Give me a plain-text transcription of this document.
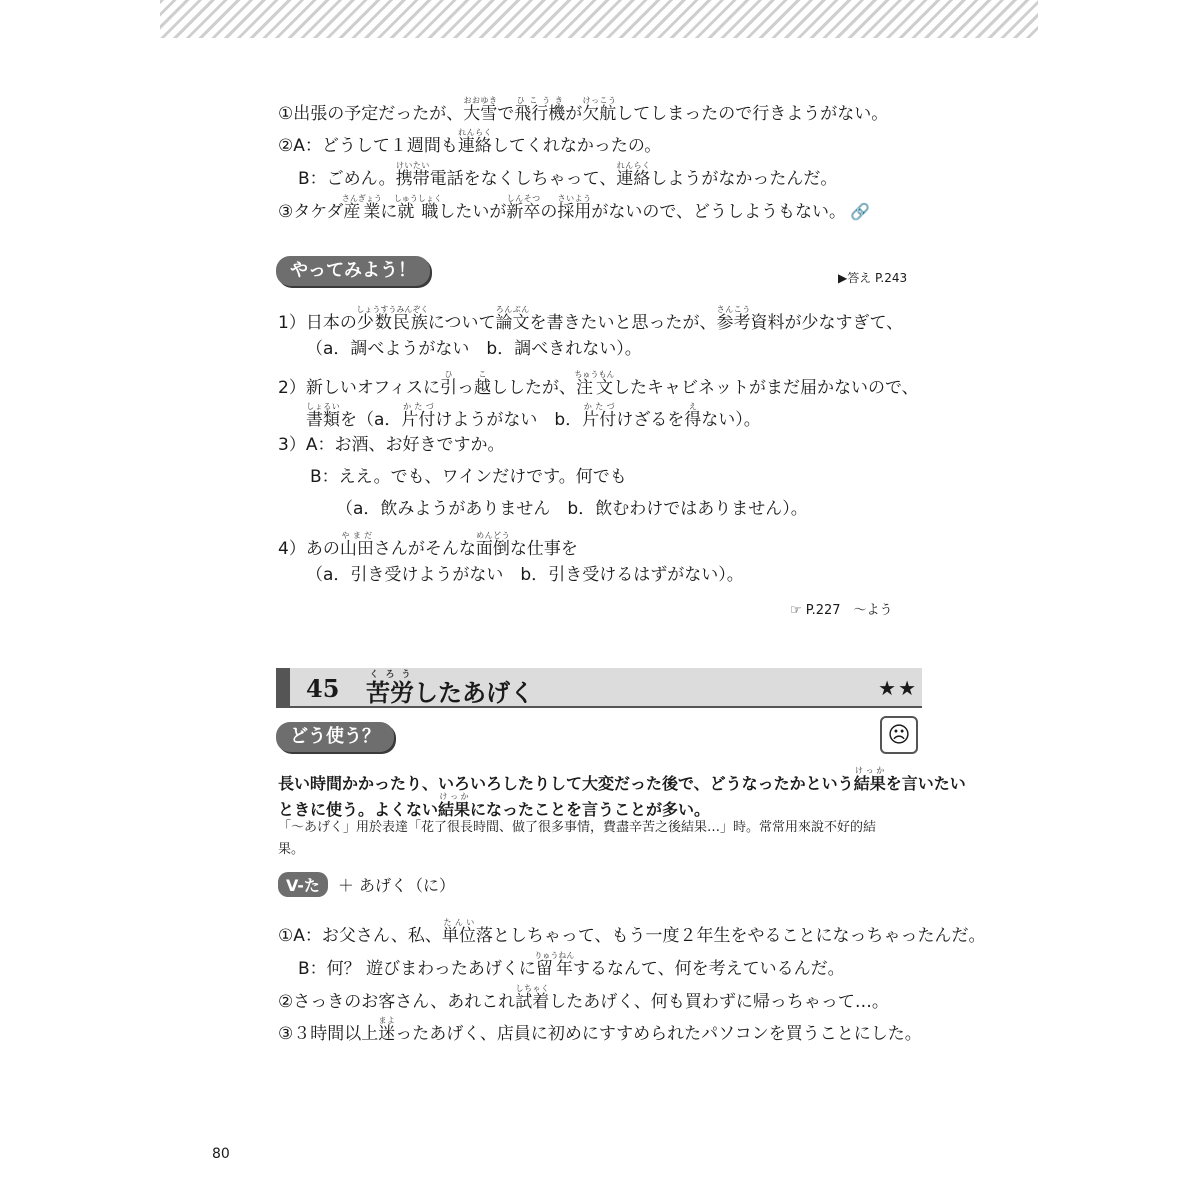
①出張の予定だったが、大雪おおゆきで飛行機ひこうきが欠航けっこうしてしまったので行きようがない。
②A：どうして１週間も連絡れんらくしてくれなかったの。
B：ごめん。携帯けいたい電話をなくしちゃって、連絡れんらくしようがなかったんだ。
③タケダ産業さんぎょうに就職しゅうしょくしたいが新卒しんそつの採用さいようがないので、どうしようもない。 🔗
やってみよう！	▶答え P.243
1）日本の少数民族しょうすうみんぞくについて論文ろんぶんを書きたいと思ったが、参考さんこう資料が少なすぎて、
（a．調べようがない　b．調べきれない）。
2）新しいオフィスに引ひっ越こししたが、注文ちゅうもんしたキャビネットがまだ届かないので、
書類しょるいを（a．片付かたづけようがない　b．片付かたづけざるを得えない）。
3）A：お酒、お好きですか。
B：ええ。でも、ワインだけです。何でも
（a．飲みようがありません　b．飲むわけではありません）。
4）あの山田やまださんがそんな面倒めんどうな仕事を
（a．引き受けようがない　b．引き受けるはずがない）。
☞ P.227　～よう
45 苦労くろうしたあげく	★★
どう使う？	☹
長い時間かかったり、いろいろしたりして大変だった後で、どうなったかという結果けっかを言いたい
ときに使う。よくない結果けっかになったことを言うことが多い。
「～あげく」用於表達「花了很長時間、做了很多事情，費盡辛苦之後結果…」時。常常用來說不好的結
果。
V-た ＋ あげく（に）
①A：お父さん、私、単位たんい落としちゃって、もう一度２年生をやることになっちゃったんだ。
B：何？ 遊びまわったあげくに留年りゅうねんするなんて、何を考えているんだ。
②さっきのお客さん、あれこれ試着しちゃくしたあげく、何も買わずに帰っちゃって…。
③３時間以上迷まよったあげく、店員に初めにすすめられたパソコンを買うことにした。
80
